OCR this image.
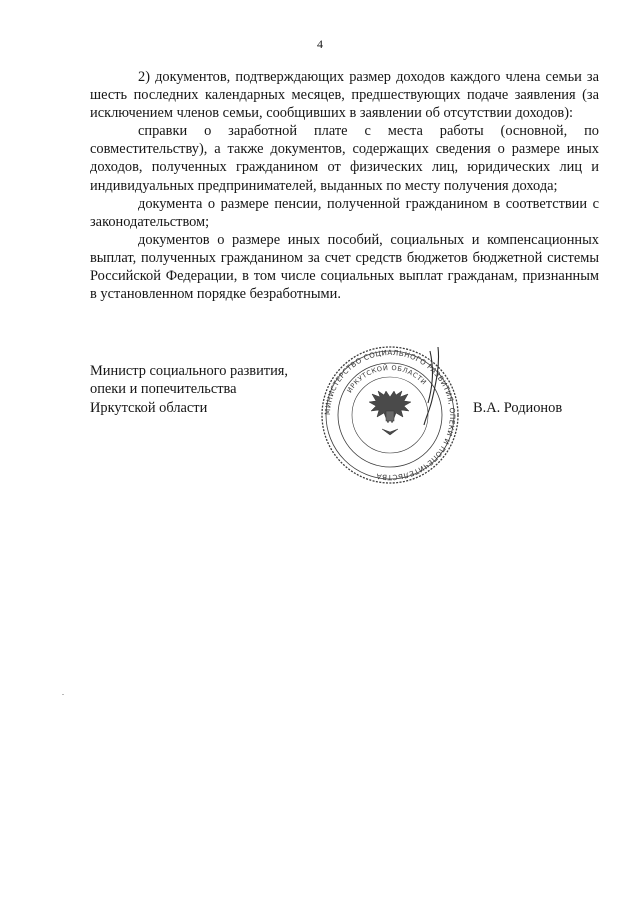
4

2) документов, подтверждающих размер доходов каждого члена семьи за шесть последних календарных месяцев, предшествующих подаче заявления (за исключением членов семьи, сообщивших в заявлении об отсутствии доходов):

справки о заработной плате с места работы (основной, по совместительству), а также документов, содержащих сведения о размере иных доходов, полученных гражданином от физических лиц, юридических лиц и индивидуальных предпринимателей, выданных по месту получения дохода;

документа о размере пенсии, полученной гражданином в соответствии с законодательством;

документов о размере иных пособий, социальных и компенсационных выплат, полученных гражданином за счет средств бюджетов бюджетной системы Российской Федерации, в том числе социальных выплат гражданам, признанным в установленном порядке безработными.

Министр социального развития,
опеки и попечительства
Иркутской области	В.А. Родионов
МИНИСТЕРСТВО СОЦИАЛЬНОГО РАЗВИТИЯ, ОПЕКИ И ПОПЕЧИТЕЛЬСТВА
ИРКУТСКОЙ ОБЛАСТИ
